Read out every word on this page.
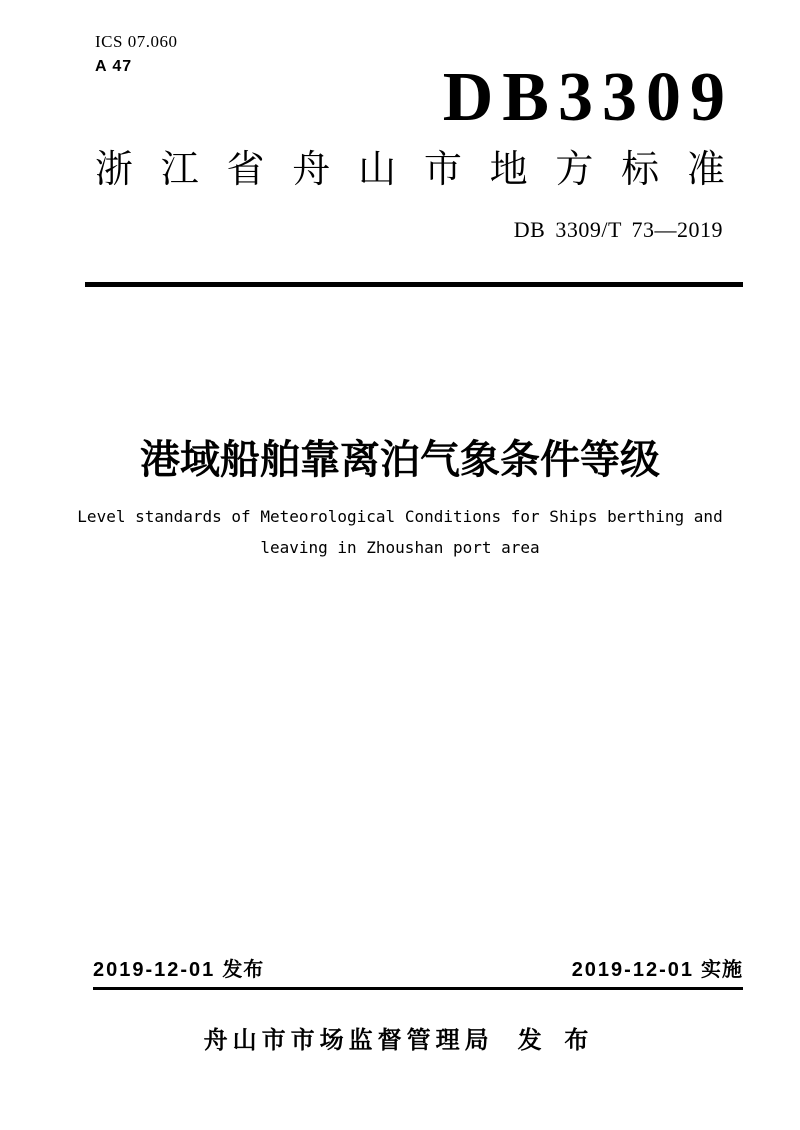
ICS 07.060
A 47	DB3309
浙 江 省 舟 山 市 地 方 标 准
DB 3309/T 73—2019
港域船舶靠离泊气象条件等级
Level standards of Meteorological Conditions for Ships berthing and
leaving in Zhoushan port area
2019-12-01 发布	2019-12-01 实施
舟山市市场监督管理局 发 布
